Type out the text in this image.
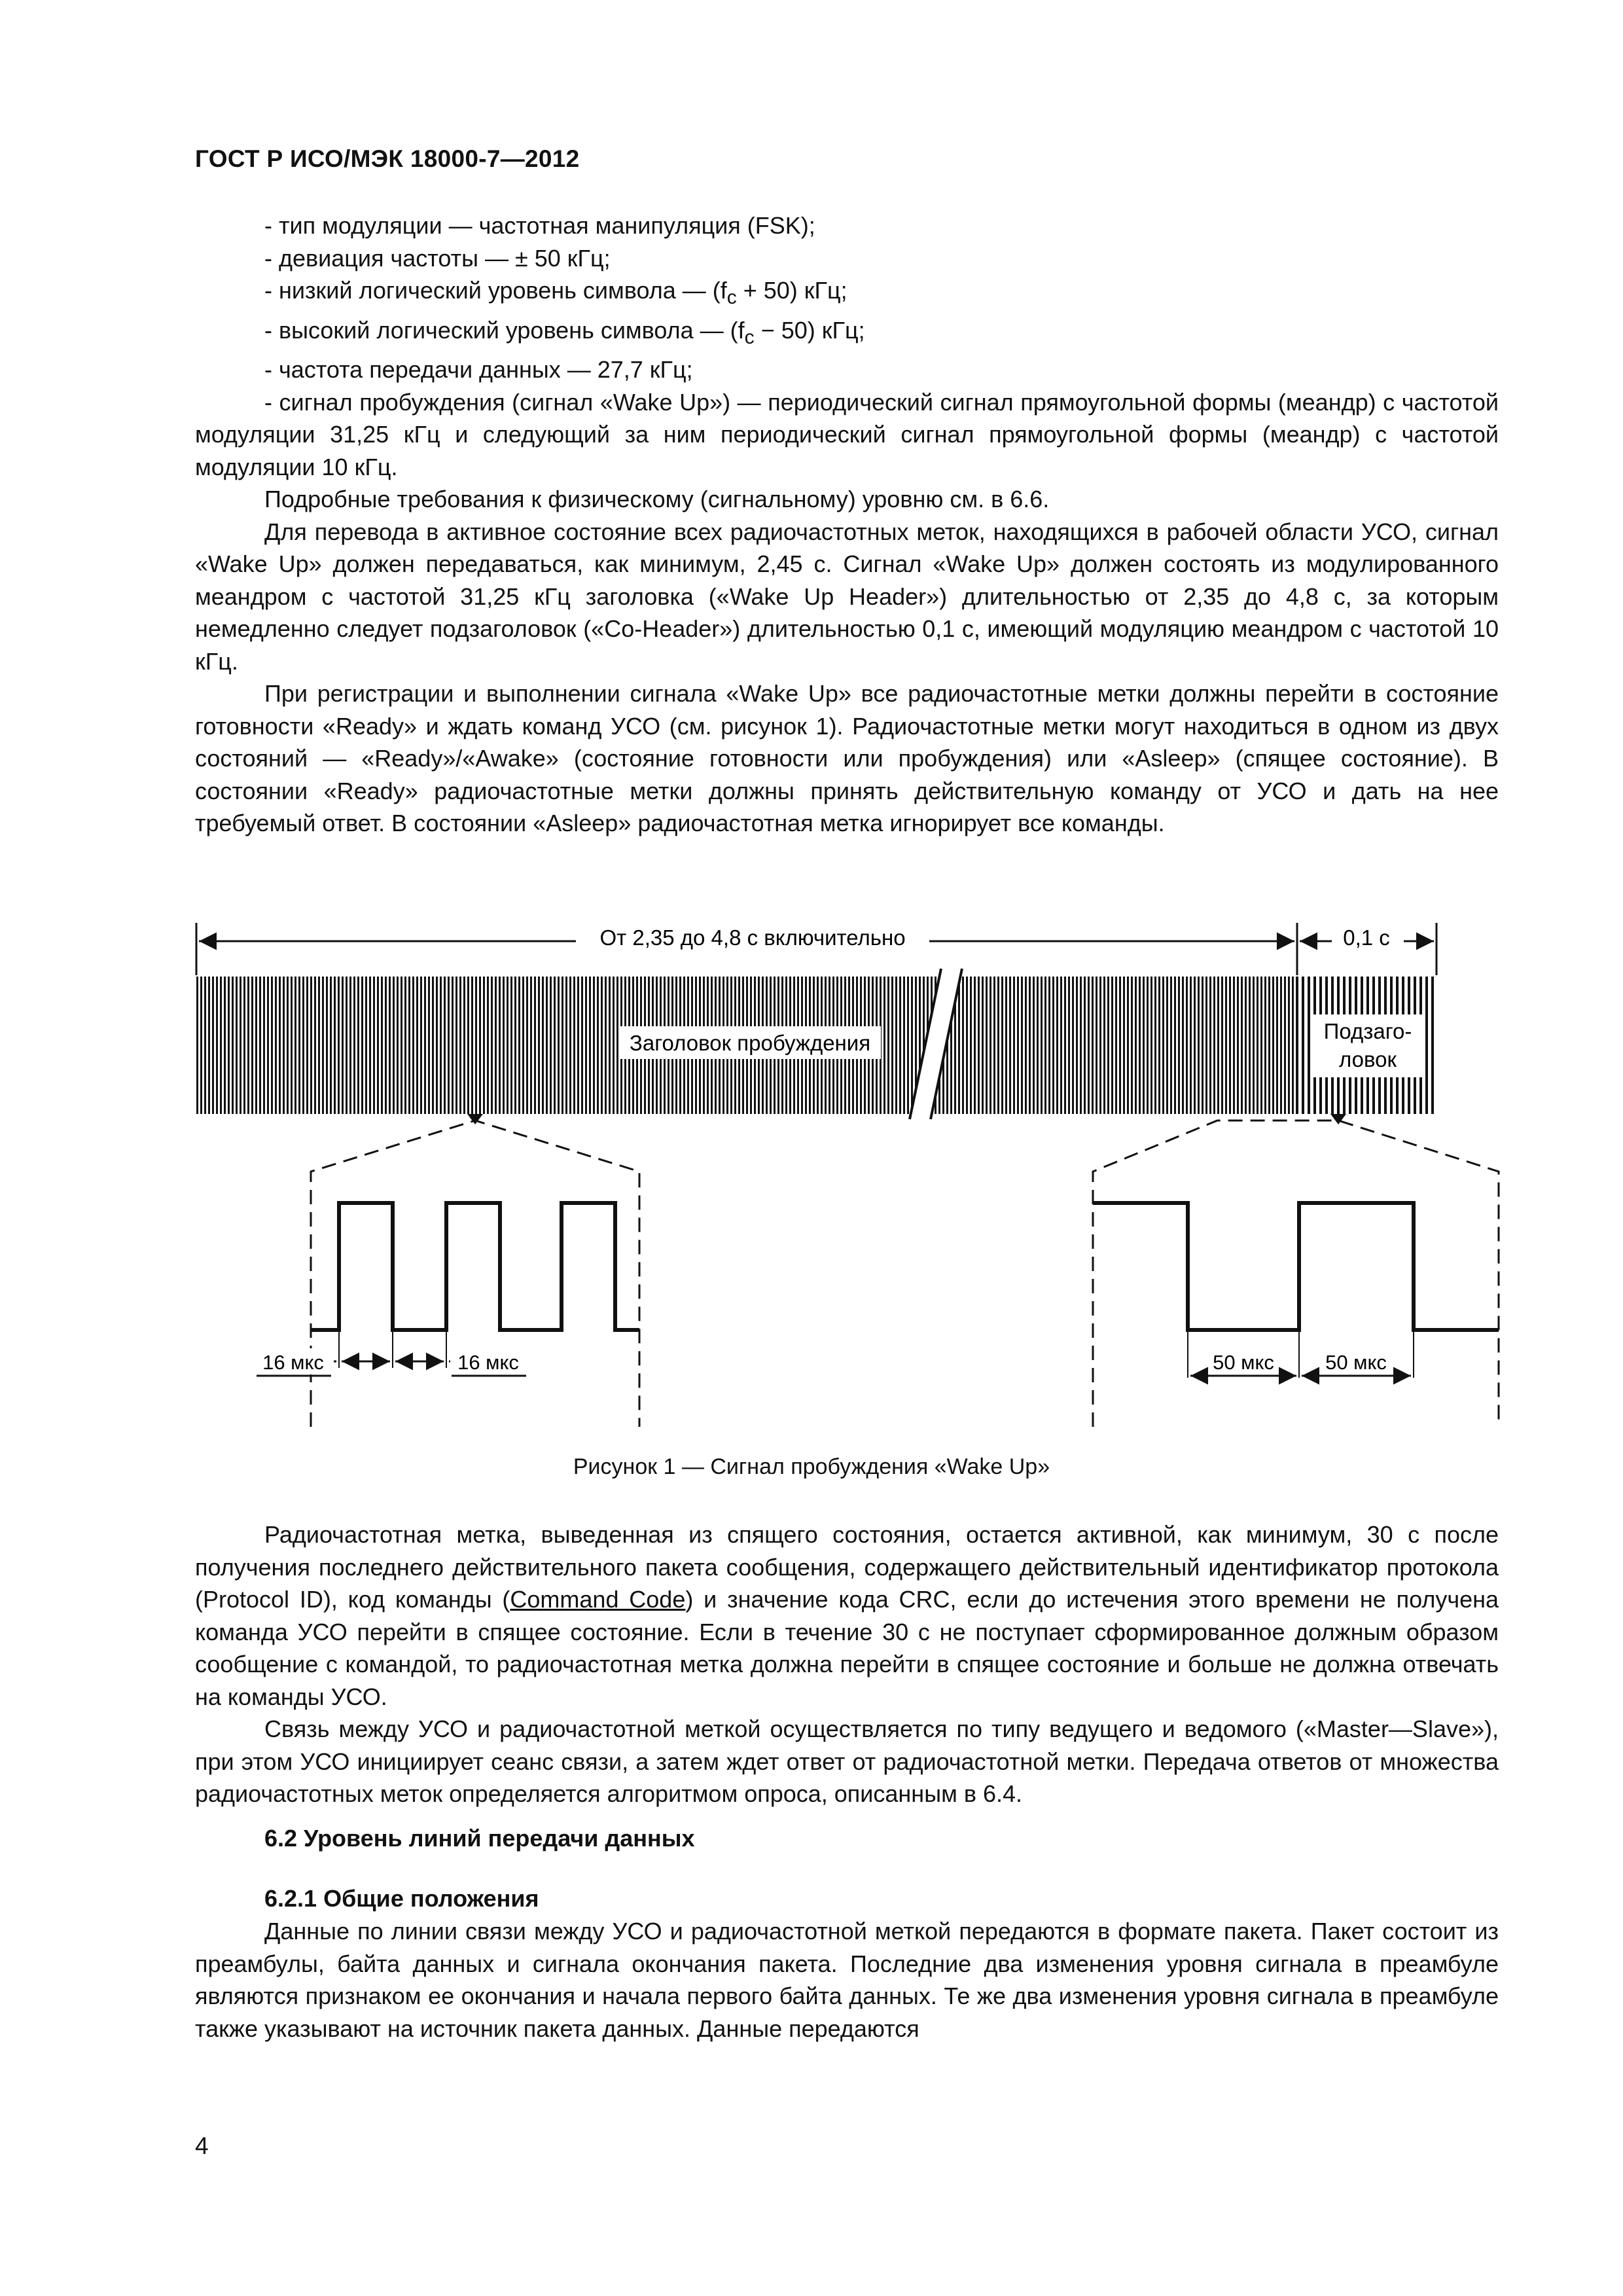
ГОСТ Р ИСО/МЭК 18000-7—2012

- тип модуляции — частотная манипуляция (FSK);

- девиация частоты — ± 50 кГц;

- низкий логический уровень символа — $(f_c + 50)$ кГц;

- высокий логический уровень символа — $(f_c - 50)$ кГц;

- частота передачи данных — 27,7 кГц;

- сигнал пробуждения (сигнал «Wake Up») — периодический сигнал прямоугольной формы (меандр) с частотой модуляции 31,25 кГц и следующий за ним периодический сигнал прямоугольной формы (меандр) с частотой модуляции 10 кГц.

Подробные требования к физическому (сигнальному) уровню см. в 6.6.

Для перевода в активное состояние всех радиочастотных меток, находящихся в рабочей области УСО, сигнал «Wake Up» должен передаваться, как минимум, 2,45 с. Сигнал «Wake Up» должен состоять из модулированного меандром с частотой 31,25 кГц заголовка («Wake Up Header») длительностью от 2,35 до 4,8 с, за которым немедленно следует подзаголовок («Co-Header») длительностью 0,1 с, имеющий модуляцию меандром с частотой 10 кГц.

При регистрации и выполнении сигнала «Wake Up» все радиочастотные метки должны перейти в состояние готовности «Ready» и ждать команд УСО (см. рисунок 1). Радиочастотные метки могут находиться в одном из двух состояний — «Ready»/«Awake» (состояние готовности или пробуждения) или «Asleep» (спящее состояние). В состоянии «Ready» радиочастотные метки должны принять действительную команду от УСО и дать на нее требуемый ответ. В состоянии «Asleep» радиочастотная метка игнорирует все команды.

От 2,35 до 4,8 с включительно	0,1 с
Заголовок пробуждения	Подзаго-
ловок
16 мкс	16 мкс	50 мкс	50 мкс
Рисунок 1 — Сигнал пробуждения «Wake Up»

Радиочастотная метка, выведенная из спящего состояния, остается активной, как минимум, 30 с после получения последнего действительного пакета сообщения, содержащего действительный идентификатор протокола (Protocol ID), код команды (Command Code) и значение кода CRC, если до истечения этого времени не получена команда УСО перейти в спящее состояние. Если в течение 30 с не поступает сформированное должным образом сообщение с командой, то радиочастотная метка должна перейти в спящее состояние и больше не должна отвечать на команды УСО.

Связь между УСО и радиочастотной меткой осуществляется по типу ведущего и ведомого («Master—Slave»), при этом УСО инициирует сеанс связи, а затем ждет ответ от радиочастотной метки. Передача ответов от множества радиочастотных меток определяется алгоритмом опроса, описанным в 6.4.

6.2 Уровень линий передачи данных
6.2.1 Общие положения

Данные по линии связи между УСО и радиочастотной меткой передаются в формате пакета. Пакет состоит из преамбулы, байта данных и сигнала окончания пакета. Последние два изменения уровня сигнала в преамбуле являются признаком ее окончания и начала первого байта данных. Те же два изменения уровня сигнала в преамбуле также указывают на источник пакета данных. Данные передаются

4
